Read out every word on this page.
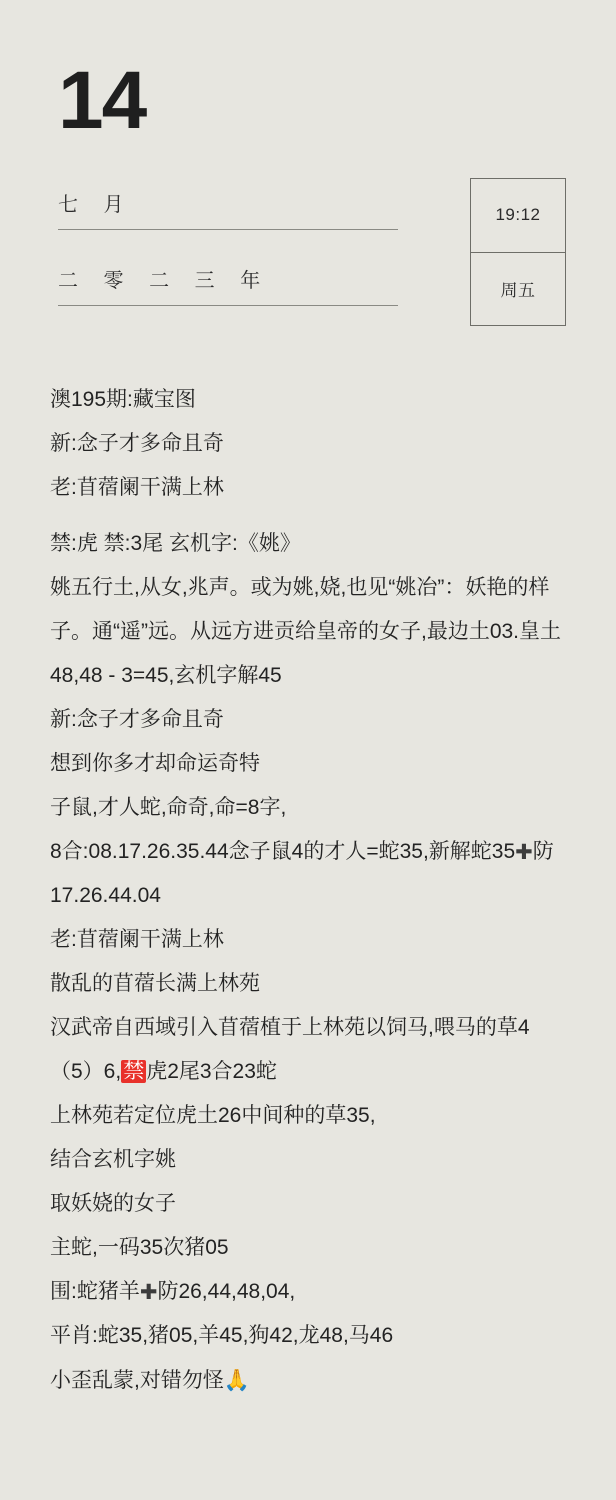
14
七 月
二 零 二 三 年
19:12
周五
澳195期:藏宝图
新:念子才多命且奇
老:苜蓿阑干满上林
禁:虎 禁:3尾 玄机字:《姚》
姚五行土,从女,兆声。或为姚,娆,也见“姚冶”：妖艳的样子。通“遥”远。从远方进贡给皇帝的女子,最边土03.皇土48,48 - 3=45,玄机字解45
新:念子才多命且奇
想到你多才却命运奇特
子鼠,才人蛇,命奇,命=8字,
8合:08.17.26.35.44念子鼠4的才人=蛇35,新解蛇35✚防17.26.44.04
老:苜蓿阑干满上林
散乱的苜蓿长满上林苑
汉武帝自西域引入苜蓿植于上林苑以饲马,喂马的草4（5）6,禁虎2尾3合23蛇
上林苑若定位虎土26中间种的草35,
结合玄机字姚
取妖娆的女子
主蛇,一码35次猪05
围:蛇猪羊✚防26,44,48,04,
平肖:蛇35,猪05,羊45,狗42,龙48,马46
小歪乱蒙,对错勿怪🙏
